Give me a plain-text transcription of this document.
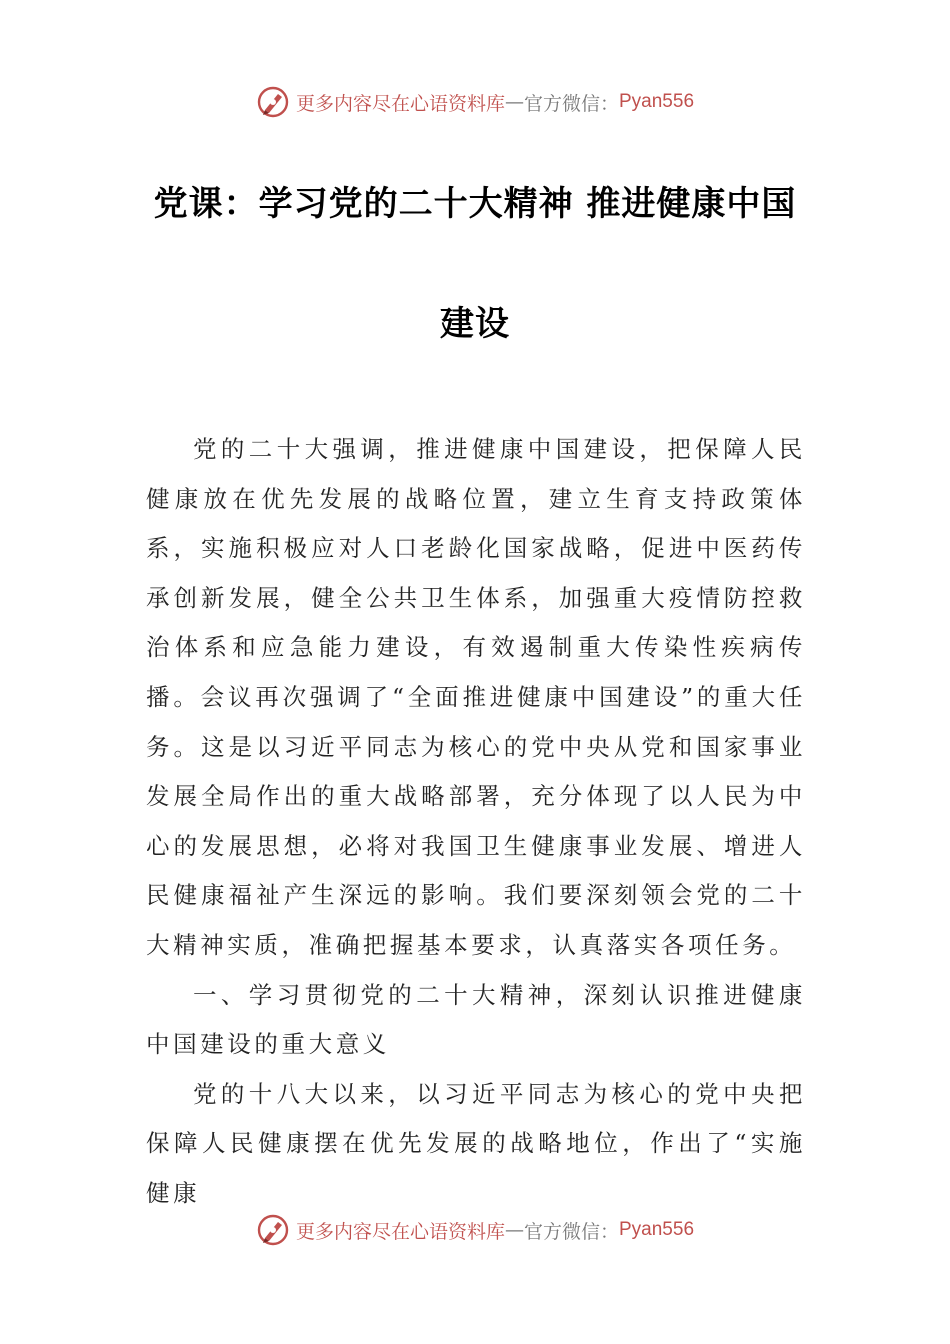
更多内容尽在心语资料库 — 官方微信： Pyan556
党课：学习党的二十大精神 推进健康中国
建设

党的二十大强调，推进健康中国建设，把保障人民健康放在优先发展的战略位置，建立生育支持政策体系，实施积极应对人口老龄化国家战略，促进中医药传承创新发展，健全公共卫生体系，加强重大疫情防控救治体系和应急能力建设，有效遏制重大传染性疾病传播。会议再次强调了“全面推进健康中国建设”的重大任务。这是以习近平同志为核心的党中央从党和国家事业发展全局作出的重大战略部署，充分体现了以人民为中心的发展思想，必将对我国卫生健康事业发展、增进人民健康福祉产生深远的影响。我们要深刻领会党的二十大精神实质，准确把握基本要求，认真落实各项任务。

一、学习贯彻党的二十大精神，深刻认识推进健康中国建设的重大意义

党的十八大以来，以习近平同志为核心的党中央把保障人民健康摆在优先发展的战略地位，作出了“实施健康

更多内容尽在心语资料库 — 官方微信： Pyan556
